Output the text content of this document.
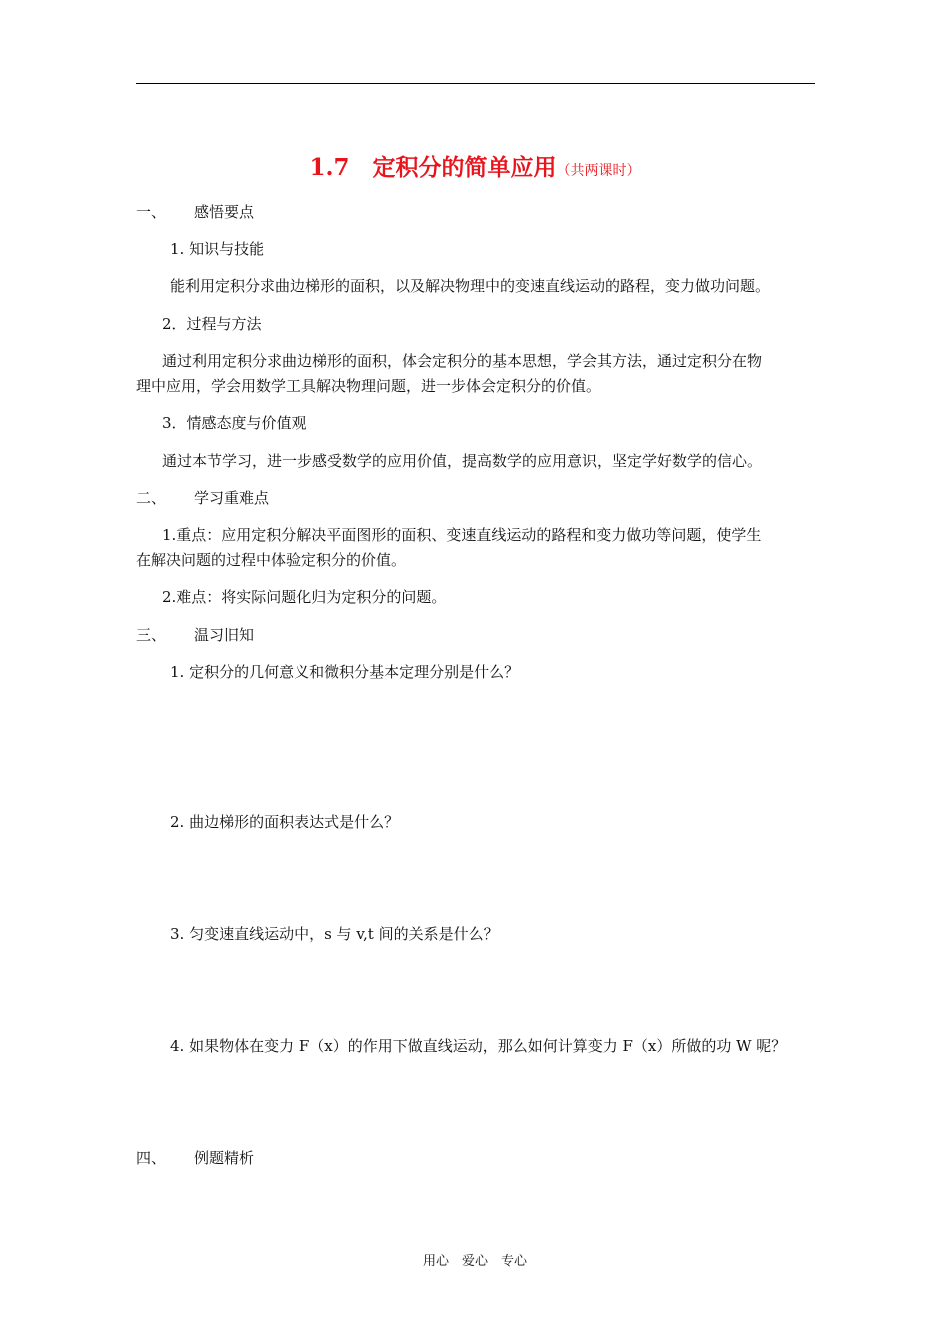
1.7　定积分的简单应用（共两课时）
一、 感悟要点
1. 知识与技能
能利用定积分求曲边梯形的面积，以及解决物理中的变速直线运动的路程，变力做功问题。
2．过程与方法
通过利用定积分求曲边梯形的面积，体会定积分的基本思想，学会其方法，通过定积分在物
理中应用，学会用数学工具解决物理问题，进一步体会定积分的价值。
3．情感态度与价值观
通过本节学习，进一步感受数学的应用价值，提高数学的应用意识，坚定学好数学的信心。
二、 学习重难点
1.重点：应用定积分解决平面图形的面积、变速直线运动的路程和变力做功等问题，使学生
在解决问题的过程中体验定积分的价值。
2.难点：将实际问题化归为定积分的问题。
三、 温习旧知
1. 定积分的几何意义和微积分基本定理分别是什么？
2. 曲边梯形的面积表达式是什么？
3. 匀变速直线运动中，s 与 v,t 间的关系是什么？
4. 如果物体在变力 F（x）的作用下做直线运动，那么如何计算变力 F（x）所做的功 W 呢？
四、 例题精析
用心　爱心　专心
